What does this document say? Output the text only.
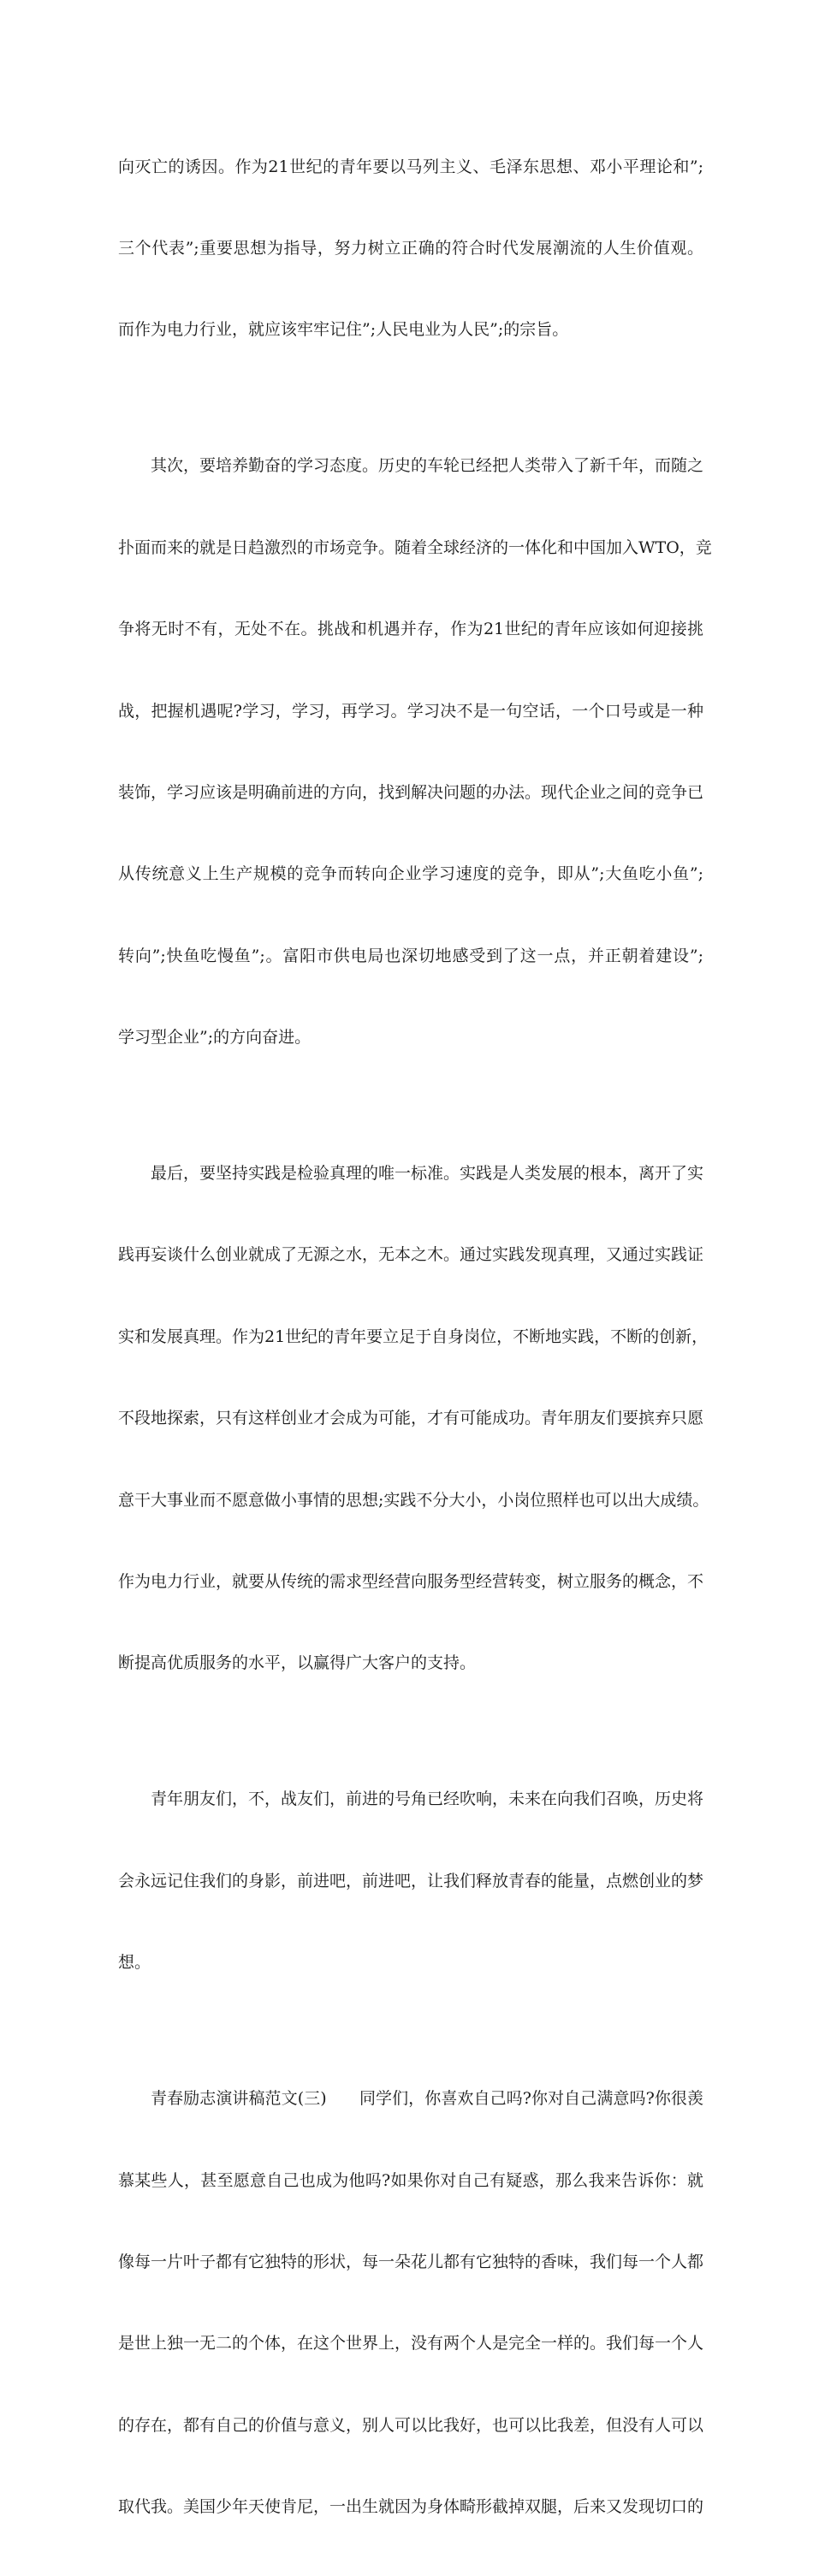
向灭亡的诱因。作为21世纪的青年要以马列主义、毛泽东思想、邓小平理论和”;

三个代表”;重要思想为指导，努力树立正确的符合时代发展潮流的人生价值观。

而作为电力行业，就应该牢牢记住”;人民电业为人民”;的宗旨。

其次，要培养勤奋的学习态度。历史的车轮已经把人类带入了新千年，而随之

扑面而来的就是日趋激烈的市场竞争。随着全球经济的一体化和中国加入WTO，竞

争将无时不有，无处不在。挑战和机遇并存，作为21世纪的青年应该如何迎接挑

战，把握机遇呢?学习，学习，再学习。学习决不是一句空话，一个口号或是一种

装饰，学习应该是明确前进的方向，找到解决问题的办法。现代企业之间的竞争已

从传统意义上生产规模的竞争而转向企业学习速度的竞争，即从”;大鱼吃小鱼”;

转向”;快鱼吃慢鱼”;。富阳市供电局也深切地感受到了这一点，并正朝着建设”;

学习型企业”;的方向奋进。

最后，要坚持实践是检验真理的唯一标准。实践是人类发展的根本，离开了实

践再妄谈什么创业就成了无源之水，无本之木。通过实践发现真理，又通过实践证

实和发展真理。作为21世纪的青年要立足于自身岗位，不断地实践，不断的创新，

不段地探索，只有这样创业才会成为可能，才有可能成功。青年朋友们要摈弃只愿

意干大事业而不愿意做小事情的思想;实践不分大小，小岗位照样也可以出大成绩。

作为电力行业，就要从传统的需求型经营向服务型经营转变，树立服务的概念，不

断提高优质服务的水平，以赢得广大客户的支持。

青年朋友们，不，战友们，前进的号角已经吹响，未来在向我们召唤，历史将

会永远记住我们的身影，前进吧，前进吧，让我们释放青春的能量，点燃创业的梦

想。

青春励志演讲稿范文(三)　　同学们，你喜欢自己吗?你对自己满意吗?你很羡

慕某些人，甚至愿意自己也成为他吗?如果你对自己有疑惑，那么我来告诉你：就

像每一片叶子都有它独特的形状，每一朵花儿都有它独特的香味，我们每一个人都

是世上独一无二的个体，在这个世界上，没有两个人是完全一样的。我们每一个人

的存在，都有自己的价值与意义，别人可以比我好，也可以比我差，但没有人可以

取代我。美国少年天使肯尼，一出生就因为身体畸形截掉双腿，后来又发现切口的
